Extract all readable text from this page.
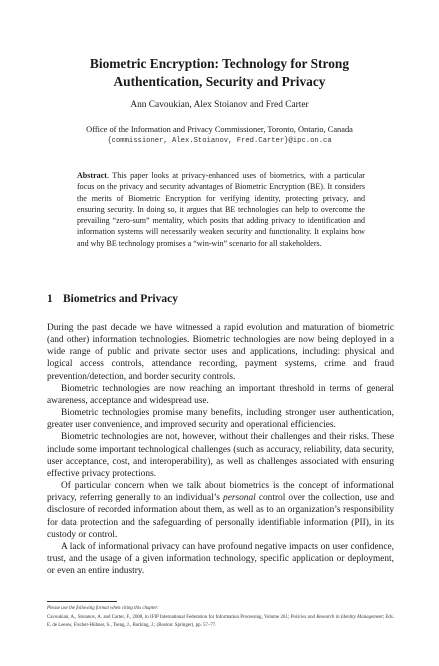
Biometric Encryption: Technology for Strong
Authentication, Security and Privacy
Ann Cavoukian, Alex Stoianov and Fred Carter
Office of the Information and Privacy Commissioner, Toronto, Ontario, Canada
{commissioner, Alex.Stoianov, Fred.Carter}@ipc.on.ca
Abstract. This paper looks at privacy-enhanced uses of biometrics, with a particular focus on the privacy and security advantages of Biometric Encryption (BE). It considers the merits of Biometric Encryption for verifying identity, protecting privacy, and ensuring security. In doing so, it argues that BE technologies can help to overcome the prevailing “zero-sum” mentality, which posits that adding privacy to identification and information systems will necessarily weaken security and functionality. It explains how and why BE technology promises a “win-win” scenario for all stakeholders.
1 Biometrics and Privacy

During the past decade we have witnessed a rapid evolution and maturation of biometric (and other) information technologies. Biometric technologies are now being deployed in a wide range of public and private sector uses and applications, including: physical and logical access controls, attendance recording, payment systems, crime and fraud prevention/detection, and border security controls.

Biometric technologies are now reaching an important threshold in terms of general awareness, acceptance and widespread use.

Biometric technologies promise many benefits, including stronger user authentication, greater user convenience, and improved security and operational efficiencies.

Biometric technologies are not, however, without their challenges and their risks. These include some important technological challenges (such as accuracy, reliability, data security, user acceptance, cost, and interoperability), as well as challenges associated with ensuring effective privacy protections.

Of particular concern when we talk about biometrics is the concept of informational privacy, referring generally to an individual’s personal control over the collection, use and disclosure of recorded information about them, as well as to an organization’s responsibility for data protection and the safeguarding of personally identifiable information (PII), in its custody or control.

A lack of informational privacy can have profound negative impacts on user confidence, trust, and the usage of a given information technology, specific application or deployment, or even an entire industry.

Please use the following format when citing this chapter:
Cavoukian, A., Stoianov, A. and Carter, F., 2008, in IFIP International Federation for Information Processing, Volume 261; Policies and Research in Identity Management; Eds. E. de Leeuw, Fischer-Hübner, S., Tseng, J., Borking, J.; (Boston: Springer), pp. 57–77.
